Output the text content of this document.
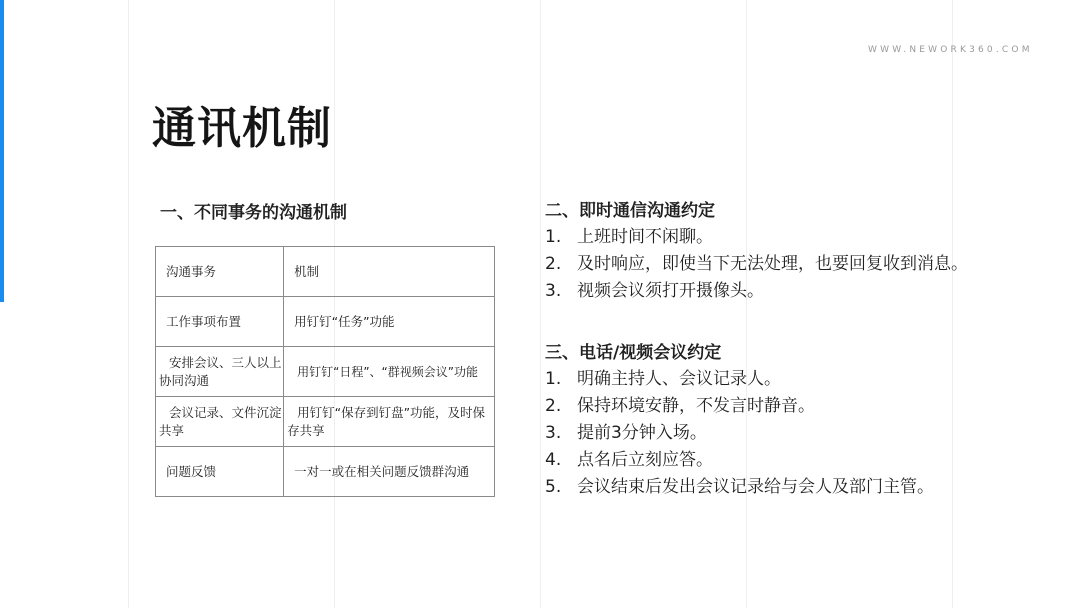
WWW.NEWORK360.COM
通讯机制
一、不同事务的沟通机制
沟通事务	机制
工作事项布置	用钉钉“任务”功能
安排会议、三人以上协同沟通	用钉钉“日程”、“群视频会议”功能
会议记录、文件沉淀共享	用钉钉“保存到钉盘”功能，及时保存共享
问题反馈	一对一或在相关问题反馈群沟通
二、即时通信沟通约定
1. 上班时间不闲聊。
2. 及时响应，即使当下无法处理，也要回复收到消息。
3. 视频会议须打开摄像头。
三、电话/视频会议约定
1. 明确主持人、会议记录人。
2. 保持环境安静，不发言时静音。
3. 提前3分钟入场。
4. 点名后立刻应答。
5. 会议结束后发出会议记录给与会人及部门主管。
